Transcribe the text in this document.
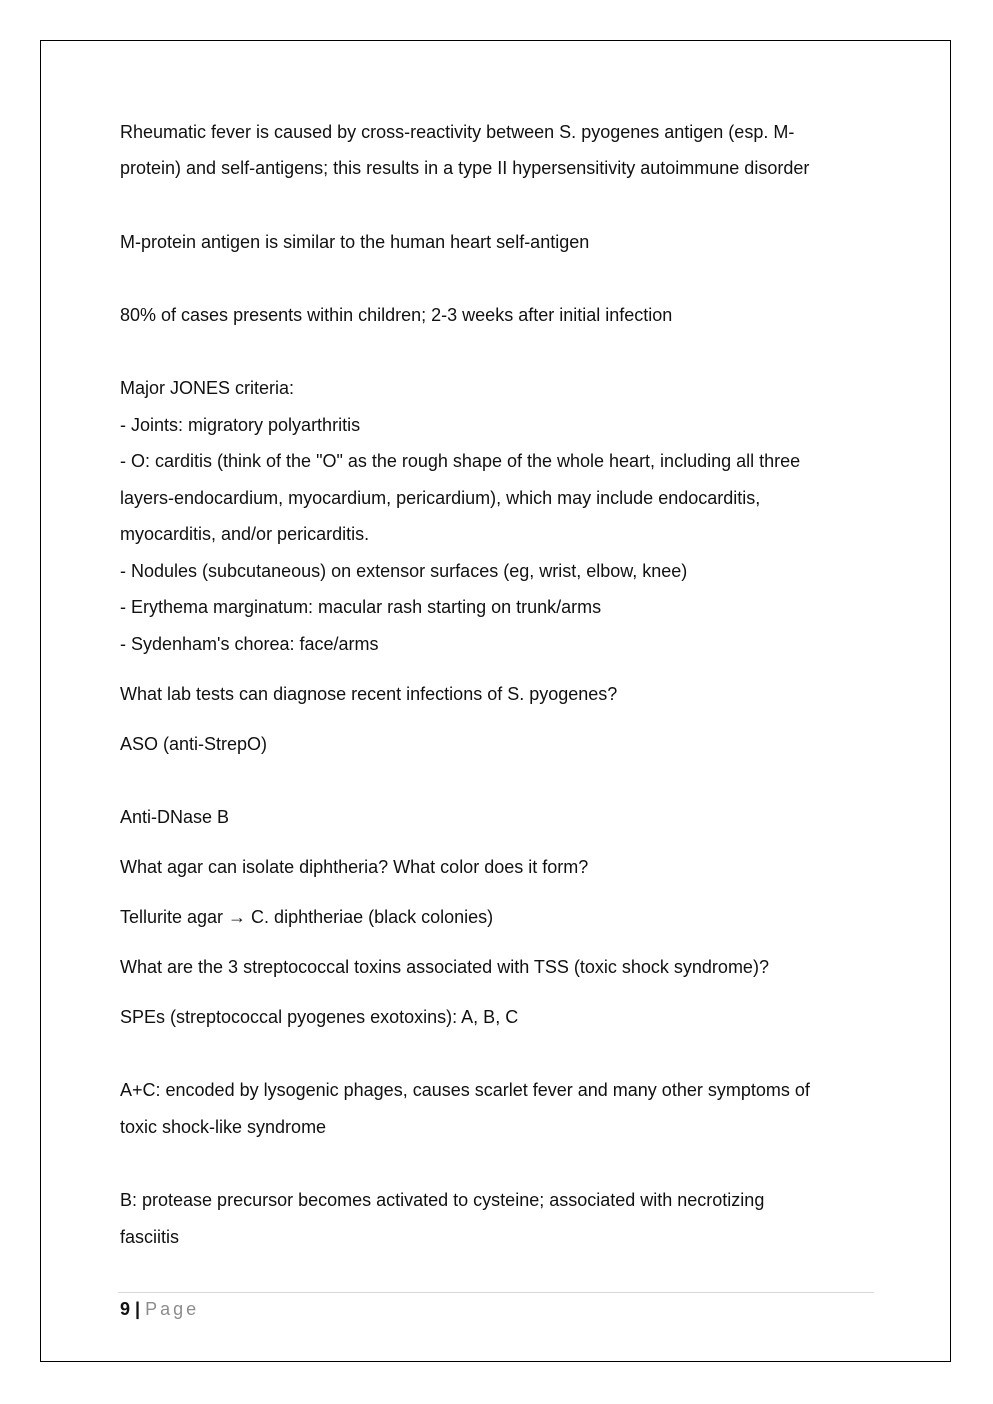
Rheumatic fever is caused by cross-reactivity between S. pyogenes antigen (esp. M-
protein) and self-antigens; this results in a type II hypersensitivity autoimmune disorder
M-protein antigen is similar to the human heart self-antigen
80% of cases presents within children; 2-3 weeks after initial infection
Major JONES criteria:
- Joints: migratory polyarthritis
- O: carditis (think of the "O" as the rough shape of the whole heart, including all three
layers-endocardium, myocardium, pericardium), which may include endocarditis,
myocarditis, and/or pericarditis.
- Nodules (subcutaneous) on extensor surfaces (eg, wrist, elbow, knee)
- Erythema marginatum: macular rash starting on trunk/arms
- Sydenham's chorea: face/arms
What lab tests can diagnose recent infections of S. pyogenes?
ASO (anti-StrepO)
Anti-DNase B
What agar can isolate diphtheria? What color does it form?
Tellurite agar → C. diphtheriae (black colonies)
What are the 3 streptococcal toxins associated with TSS (toxic shock syndrome)?
SPEs (streptococcal pyogenes exotoxins): A, B, C
A+C: encoded by lysogenic phages, causes scarlet fever and many other symptoms of
toxic shock-like syndrome
B: protease precursor becomes activated to cysteine; associated with necrotizing
fasciitis
9 | Page
